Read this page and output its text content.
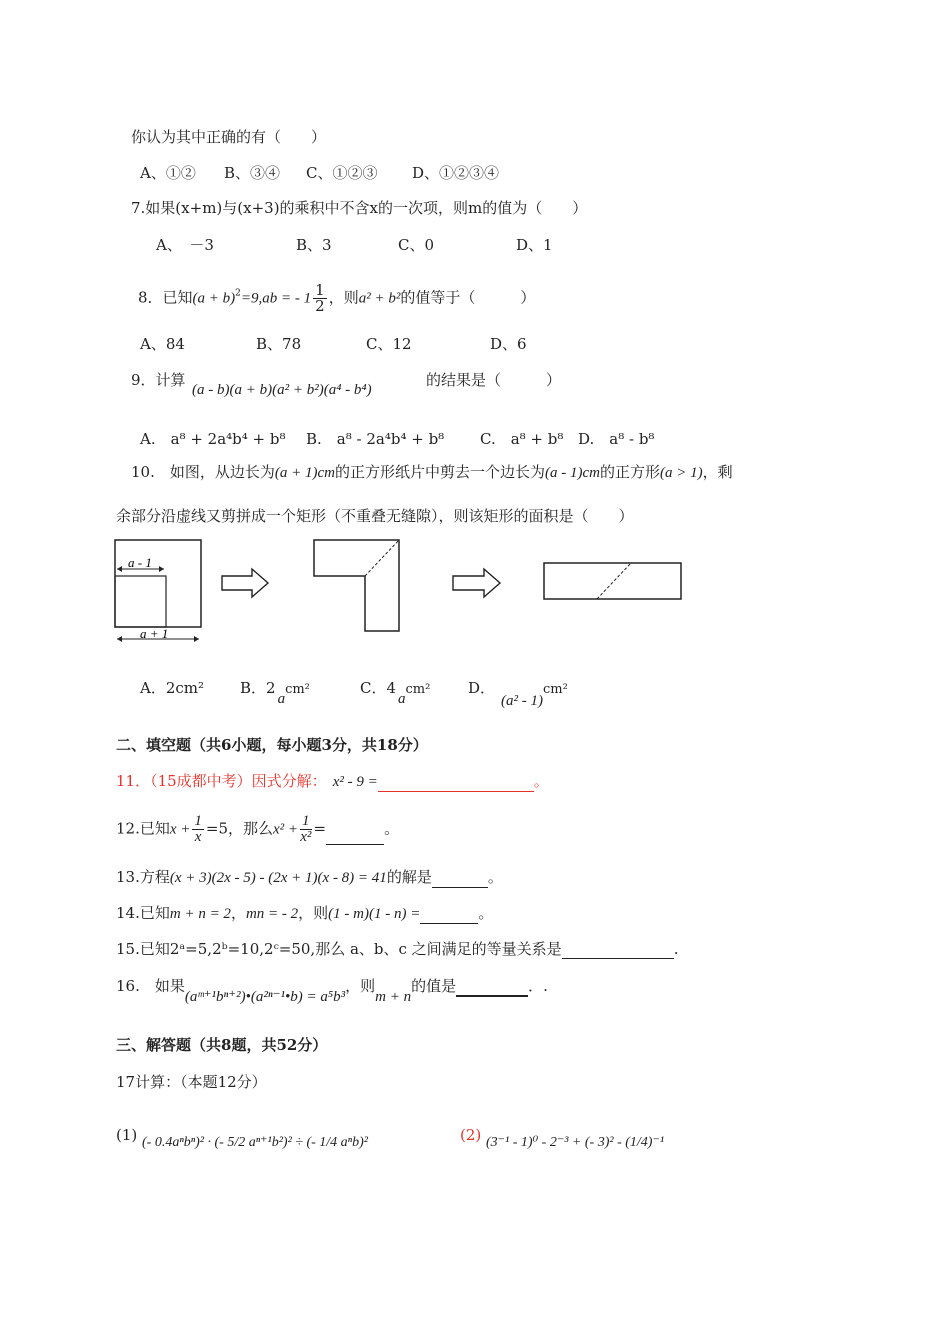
你认为其中正确的有（　　）
A、①② B、③④ C、①②③ D、①②③④
7.如果(x+m)与(x+3)的乘积中不含x的一次项，则m的值为（　　）
A、　－3	B、3	C、0	D、1
8．已知$(a + b)^2=9,ab$ = - $1 \frac{1}{2}$ ，则a² + b²的值等于（　　　）
A、84	B、78	C、12	D、6
9．计算
(a - b)(a + b)(a² + b²)(a⁴ - b⁴)
的结果是（　　　）
A.　a⁸ + 2a⁴b⁴ + b⁸ B.　a⁸ - 2a⁴b⁴ + b⁸ C.　a⁸ + b⁸ D.　a⁸ - b⁸
10.　如图，从边长为(a + 1)cm的正方形纸片中剪去一个边长为(a - 1)cm的正方形(a > 1)，剩
余部分沿虚线又剪拼成一个矩形（不重叠无缝隙），则该矩形的面积是（　　）
a - 1
a + 1
A．2cm² B．2acm²	C．4acm²	D．(a² - 1)cm²
二、填空题（共6小题，每小题3分，共18分）
11．（15成都中考）因式分解： x² - 9 =	。
12.已知$x + \frac{1}{x} =5$，那么$x^2 + \frac{1}{\text{x²}}$ =	。
13.方程(x + 3)(2x - 5) - (2x + 1)(x - 8) = 41的解是	。
14.已知m + n = 2，mn = - 2，则(1 - m)(1 - n) =	。
15.已知2ᵃ=5,2ᵇ=10,2ᶜ=50,那么 a、b、c 之间满足的等量关系是	.
16.　如果(aᵐ⁺¹bⁿ⁺²)•(a²ⁿ⁻¹•b) = a⁵b³，则m + n的值是	．.
三、解答题（共8题，共52分）
17计算：（本题12分）
(1) (- 0.4aⁿbⁿ)² · (- 5/2 aⁿ⁺¹b²)² ÷ (- 1/4 aⁿb)²	(2) (3⁻¹ - 1)⁰ - 2⁻³ + (- 3)² - (1/4)⁻¹
